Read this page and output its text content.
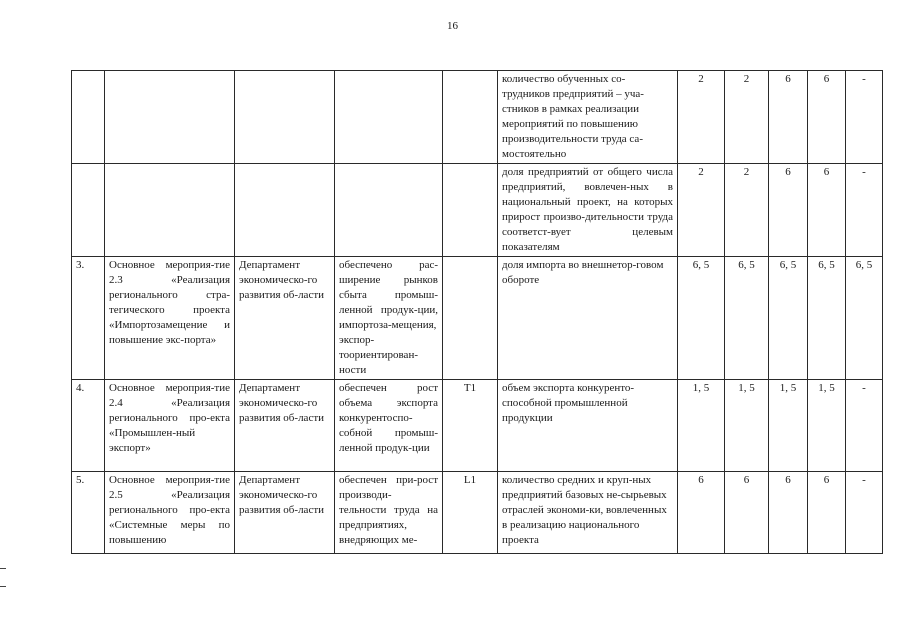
16
					количество обученных со-трудников предприятий – уча-стников в рамках реализации мероприятий по повышению производительности труда са-мостоятельно	2	2	6	6	-
					доля предприятий от общего числа предприятий, вовлечен-ных в национальный проект, на которых прирост произво-дительности труда соответст-вует целевым показателям	2	2	6	6	-
3.	Основное мероприя-тие 2.3 «Реализация регионального стра-тегического проекта «Импортозамещение и повышение экс-порта»	Департамент экономическо-го развития об-ласти	обеспечено рас-ширение рынков сбыта промыш-ленной продук-ции, импортоза-мещения, экспор-тоориентирован-ности		доля импорта во внешнетор-говом обороте	6, 5	6, 5	6, 5	6, 5	6, 5
4.	Основное мероприя-тие 2.4 «Реализация регионального про-екта «Промышлен-ный экспорт»	Департамент экономическо-го развития об-ласти	обеспечен рост объема экспорта конкурентоспо-собной промыш-ленной продук-ции	T1	объем экспорта конкуренто-способной промышленной продукции	1, 5	1, 5	1, 5	1, 5	-
5.	Основное мероприя-тие 2.5 «Реализация регионального про-екта «Системные меры по повышению	Департамент экономическо-го развития об-ласти	обеспечен при-рост производи-тельности труда на предприятиях, внедряющих ме-	L1	количество средних и круп-ных предприятий базовых не-сырьевых отраслей экономи-ки, вовлеченных в реализацию национального проекта	6	6	6	6	-
